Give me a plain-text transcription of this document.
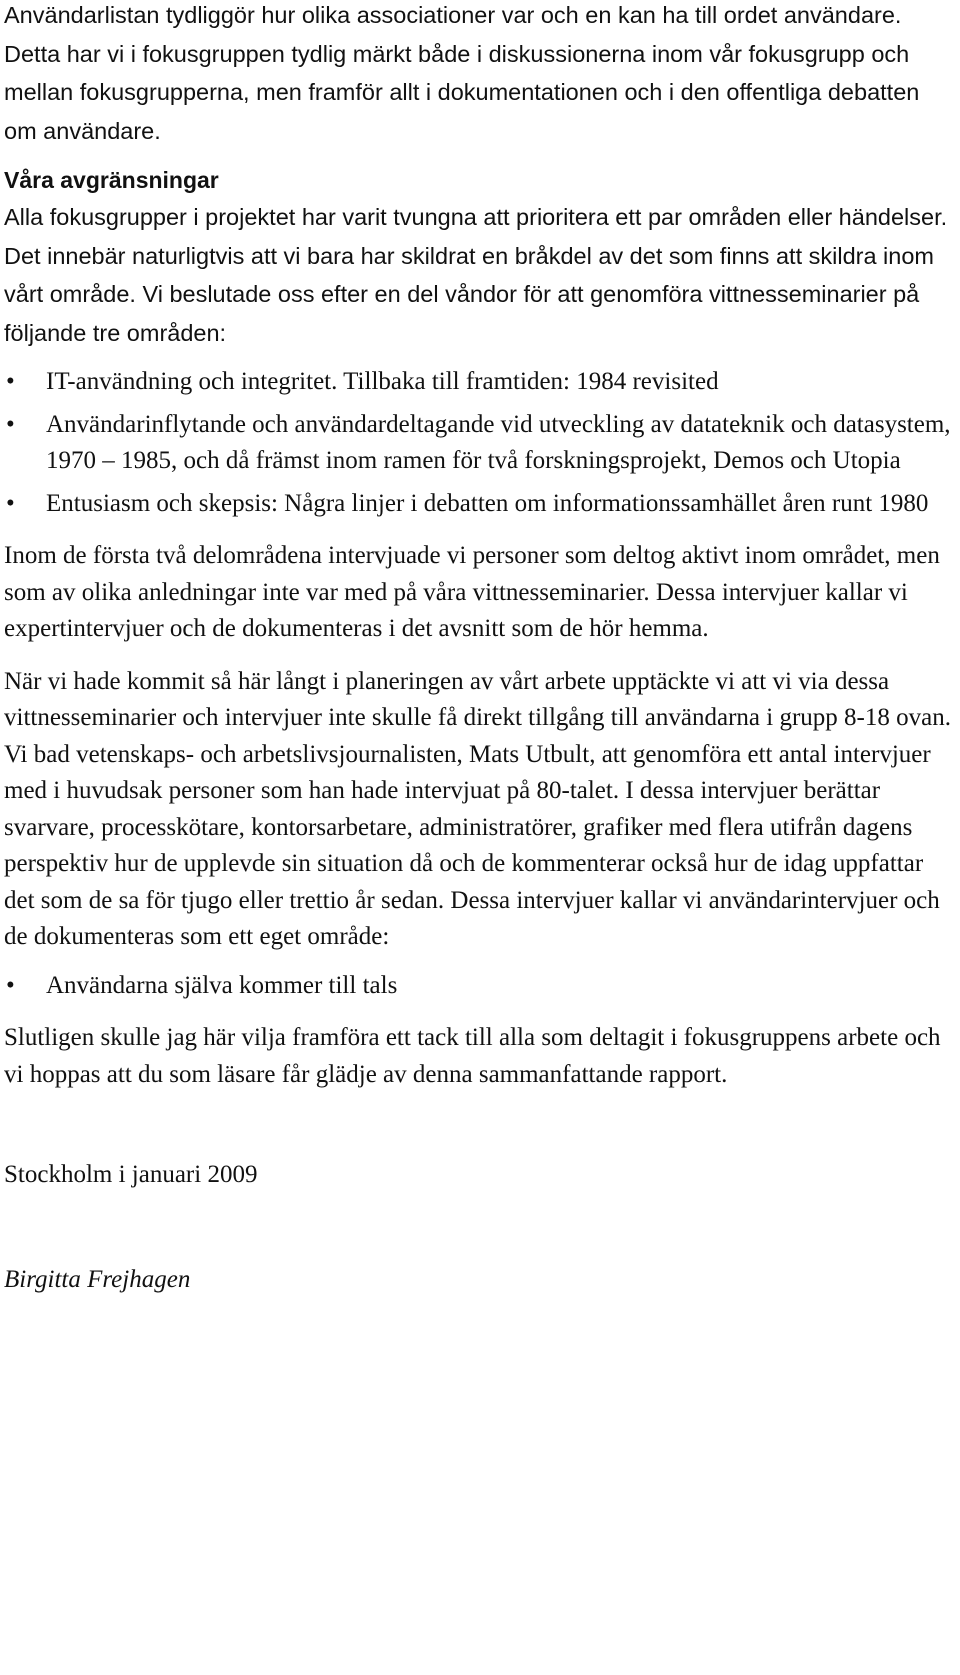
Användarlistan tydliggör hur olika associationer var och en kan ha till ordet användare. Detta har vi i fokusgruppen tydlig märkt både i diskussionerna inom vår fokusgrupp och mellan fokusgrupperna, men framför allt i dokumentationen och i den offentliga debatten om användare.

Våra avgränsningar

Alla fokusgrupper i projektet har varit tvungna att prioritera ett par områden eller händelser. Det innebär naturligtvis att vi bara har skildrat en bråkdel av det som finns att skildra inom vårt område. Vi beslutade oss efter en del våndor för att genomföra vittnesseminarier på följande tre områden:

• IT-användning och integritet. Tillbaka till framtiden: 1984 revisited
• Användarinflytande och användardeltagande vid utveckling av datateknik och datasystem, 1970 – 1985, och då främst inom ramen för två forskningsprojekt, Demos och Utopia
• Entusiasm och skepsis: Några linjer i debatten om informationssamhället åren runt 1980

Inom de första två delområdena intervjuade vi personer som deltog aktivt inom området, men som av olika anledningar inte var med på våra vittnesseminarier. Dessa intervjuer kallar vi expertintervjuer och de dokumenteras i det avsnitt som de hör hemma.

När vi hade kommit så här långt i planeringen av vårt arbete upptäckte vi att vi via dessa vittnesseminarier och intervjuer inte skulle få direkt tillgång till användarna i grupp 8-18 ovan. Vi bad vetenskaps- och arbetslivsjournalisten, Mats Utbult, att genomföra ett antal intervjuer med i huvudsak personer som han hade intervjuat på 80-talet. I dessa intervjuer berättar svarvare, processkötare, kontorsarbetare, administratörer, grafiker med flera utifrån dagens perspektiv hur de upplevde sin situation då och de kommenterar också hur de idag uppfattar det som de sa för tjugo eller trettio år sedan. Dessa intervjuer kallar vi användarintervjuer och de dokumenteras som ett eget område:

• Användarna själva kommer till tals

Slutligen skulle jag här vilja framföra ett tack till alla som deltagit i fokusgruppens arbete och vi hoppas att du som läsare får glädje av denna sammanfattande rapport.

Stockholm i januari 2009

Birgitta Frejhagen
